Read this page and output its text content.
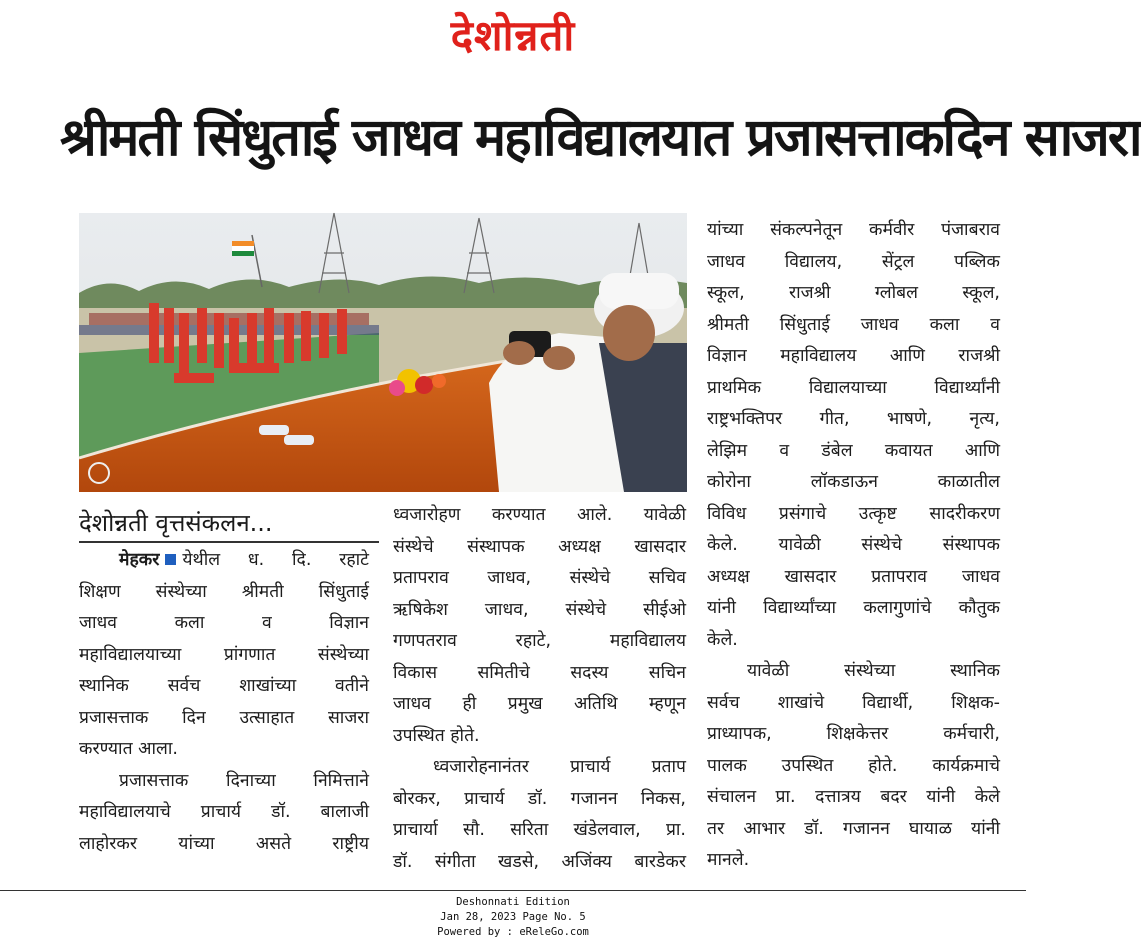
देशोन्नती
श्रीमती सिंधुताई जाधव महाविद्यालयात प्रजासत्ताकदिन साजरा
देशोन्नती वृत्तसंकलन...
मेहकर येथील ध. दि. रहाटे
शिक्षण संस्थेच्या श्रीमती सिंधुताई
जाधव कला व विज्ञान
महाविद्यालयाच्या प्रांगणात संस्थेच्या
स्थानिक सर्वच शाखांच्या वतीने
प्रजासत्ताक दिन उत्साहात साजरा
करण्यात आला.
प्रजासत्ताक दिनाच्या निमित्ताने
महाविद्यालयाचे प्राचार्य डॉ. बालाजी
लाहोरकर यांच्या असते राष्ट्रीय
ध्वजारोहण करण्यात आले. यावेळी
संस्थेचे संस्थापक अध्यक्ष खासदार
प्रतापराव जाधव, संस्थेचे सचिव
ऋषिकेश जाधव, संस्थेचे सीईओ
गणपतराव रहाटे, महाविद्यालय
विकास समितीचे सदस्य सचिन
जाधव ही प्रमुख अतिथि म्हणून
उपस्थित होते.
ध्वजारोहनानंतर प्राचार्य प्रताप
बोरकर, प्राचार्य डॉ. गजानन निकस,
प्राचार्या सौ. सरिता खंडेलवाल, प्रा.
डॉ. संगीता खडसे, अजिंक्य बारडेकर
यांच्या संकल्पनेतून कर्मवीर पंजाबराव
जाधव विद्यालय, सेंट्रल पब्लिक
स्कूल, राजश्री ग्लोबल स्कूल,
श्रीमती सिंधुताई जाधव कला व
विज्ञान महाविद्यालय आणि राजश्री
प्राथमिक विद्यालयाच्या विद्यार्थ्यांनी
राष्ट्रभक्तिपर गीत, भाषणे, नृत्य,
लेझिम व डंबेल कवायत आणि
कोरोना लॉकडाऊन काळातील
विविध प्रसंगाचे उत्कृष्ट सादरीकरण
केले. यावेळी संस्थेचे संस्थापक
अध्यक्ष खासदार प्रतापराव जाधव
यांनी विद्यार्थ्यांच्या कलागुणांचे कौतुक
केले.
यावेळी संस्थेच्या स्थानिक
सर्वच शाखांचे विद्यार्थी, शिक्षक-
प्राध्यापक, शिक्षकेत्तर कर्मचारी,
पालक उपस्थित होते. कार्यक्रमाचे
संचालन प्रा. दत्तात्रय बदर यांनी केले
तर आभार डॉ. गजानन घायाळ यांनी
मानले.
Deshonnati Edition
Jan 28, 2023 Page No. 5
Powered by : eReleGo.com
